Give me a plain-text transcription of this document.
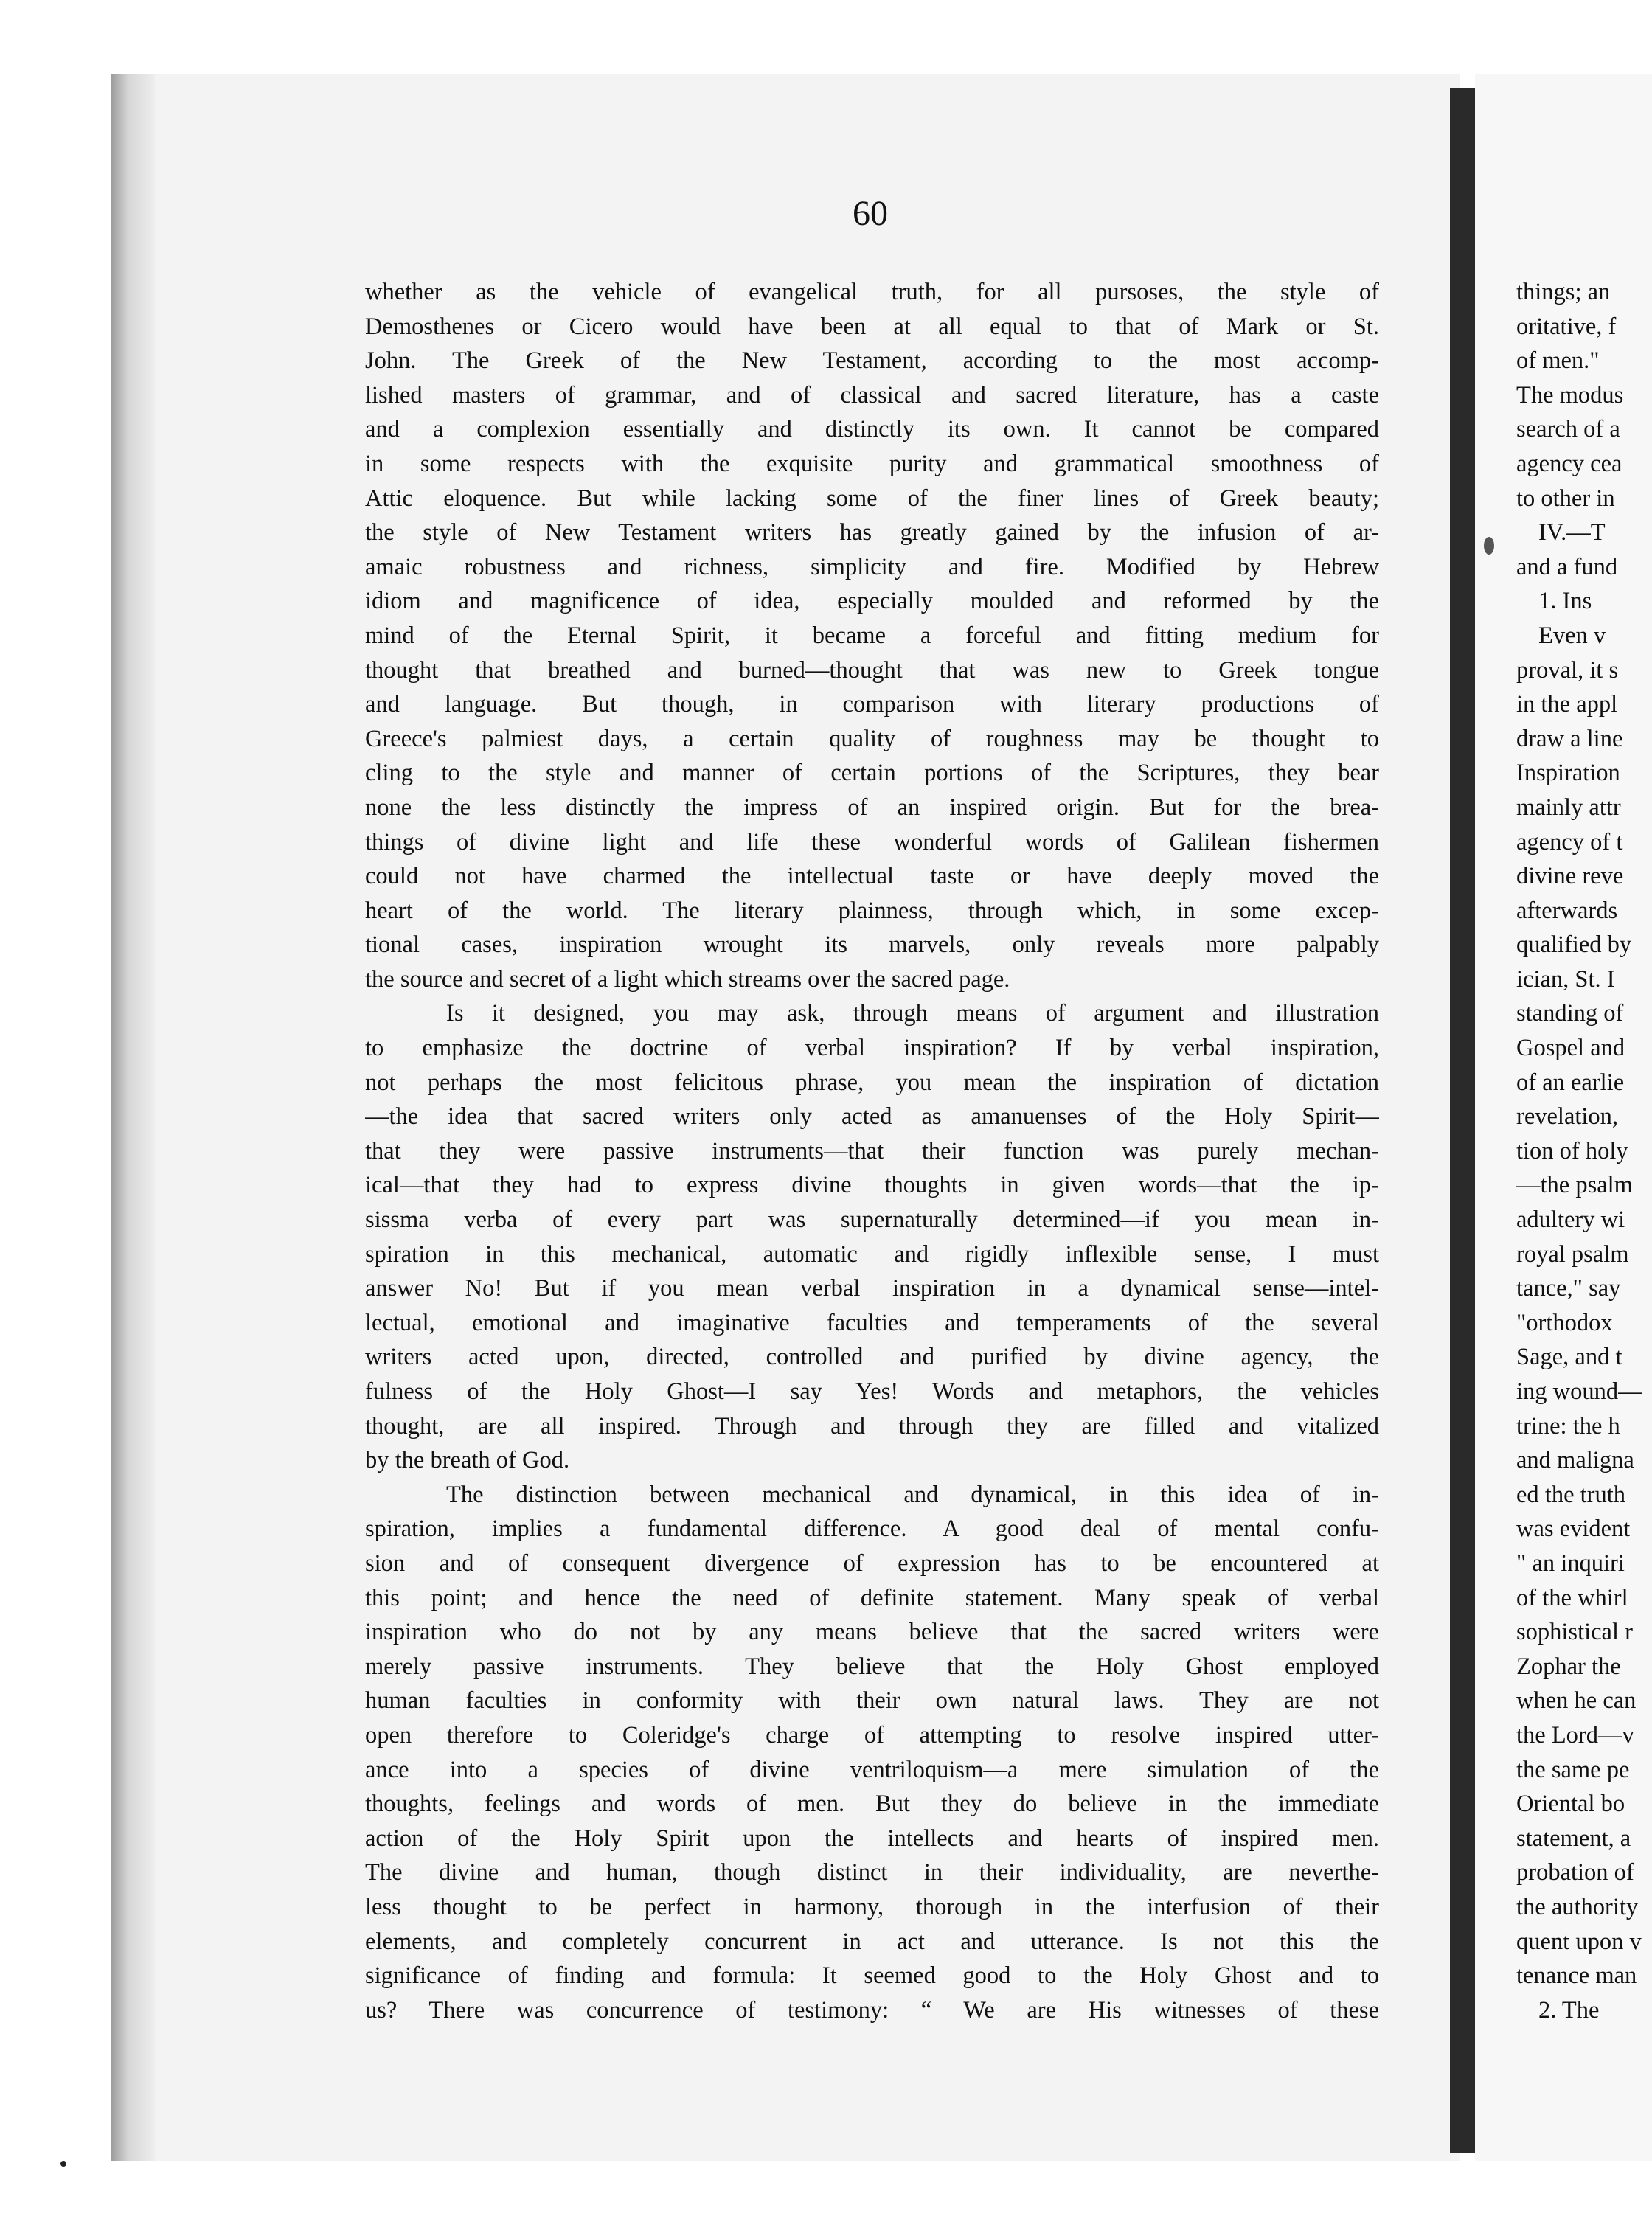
60
whether as the vehicle of evangelical truth, for all pursoses, the style of
Demosthenes or Cicero would have been at all equal to that of Mark or St.
John. The Greek of the New Testament, according to the most accomp-
lished masters of grammar, and of classical and sacred literature, has a caste
and a complexion essentially and distinctly its own. It cannot be compared
in some respects with the exquisite purity and grammatical smoothness of
Attic eloquence. But while lacking some of the finer lines of Greek beauty;
the style of New Testament writers has greatly gained by the infusion of ar-
amaic robustness and richness, simplicity and fire. Modified by Hebrew
idiom and magnificence of idea, especially moulded and reformed by the
mind of the Eternal Spirit, it became a forceful and fitting medium for
thought that breathed and burned—thought that was new to Greek tongue
and language. But though, in comparison with literary productions of
Greece's palmiest days, a certain quality of roughness may be thought to
cling to the style and manner of certain portions of the Scriptures, they bear
none the less distinctly the impress of an inspired origin. But for the brea-
things of divine light and life these wonderful words of Galilean fishermen
could not have charmed the intellectual taste or have deeply moved the
heart of the world. The literary plainness, through which, in some excep-
tional cases, inspiration wrought its marvels, only reveals more palpably
the source and secret of a light which streams over the sacred page.
Is it designed, you may ask, through means of argument and illustration
to emphasize the doctrine of verbal inspiration? If by verbal inspiration,
not perhaps the most felicitous phrase, you mean the inspiration of dictation
—the idea that sacred writers only acted as amanuenses of the Holy Spirit—
that they were passive instruments—that their function was purely mechan-
ical—that they had to express divine thoughts in given words—that the ip-
sissma verba of every part was supernaturally determined—if you mean in-
spiration in this mechanical, automatic and rigidly inflexible sense, I must
answer No! But if you mean verbal inspiration in a dynamical sense—intel-
lectual, emotional and imaginative faculties and temperaments of the several
writers acted upon, directed, controlled and purified by divine agency, the
fulness of the Holy Ghost—I say Yes! Words and metaphors, the vehicles
thought, are all inspired. Through and through they are filled and vitalized
by the breath of God.
The distinction between mechanical and dynamical, in this idea of in-
spiration, implies a fundamental difference. A good deal of mental confu-
sion and of consequent divergence of expression has to be encountered at
this point; and hence the need of definite statement. Many speak of verbal
inspiration who do not by any means believe that the sacred writers were
merely passive instruments. They believe that the Holy Ghost employed
human faculties in conformity with their own natural laws. They are not
open therefore to Coleridge's charge of attempting to resolve inspired utter-
ance into a species of divine ventriloquism—a mere simulation of the
thoughts, feelings and words of men. But they do believe in the immediate
action of the Holy Spirit upon the intellects and hearts of inspired men.
The divine and human, though distinct in their individuality, are neverthe-
less thought to be perfect in harmony, thorough in the interfusion of their
elements, and completely concurrent in act and utterance. Is not this the
significance of finding and formula: It seemed good to the Holy Ghost and to
us? There was concurrence of testimony: “ We are His witnesses of these
things; an
oritative, f
of men."
The modus
search of a
agency cea
to other in
IV.—T
and a fund
1. Ins
Even v
proval, it s
in the appl
draw a line
Inspiration
mainly attr
agency of t
divine reve
afterwards
qualified by
ician, St. I
standing of
Gospel and
of an earlie
revelation,
tion of holy
—the psalm
adultery wi
royal psalm
tance," say
"orthodox
Sage, and t
ing wound—
trine: the h
and maligna
ed the truth
was evident
" an inquiri
of the whirl
sophistical r
Zophar the
when he can
the Lord—v
the same pe
Oriental bo
statement, a
probation of
the authority
quent upon v
tenance man
2. The
